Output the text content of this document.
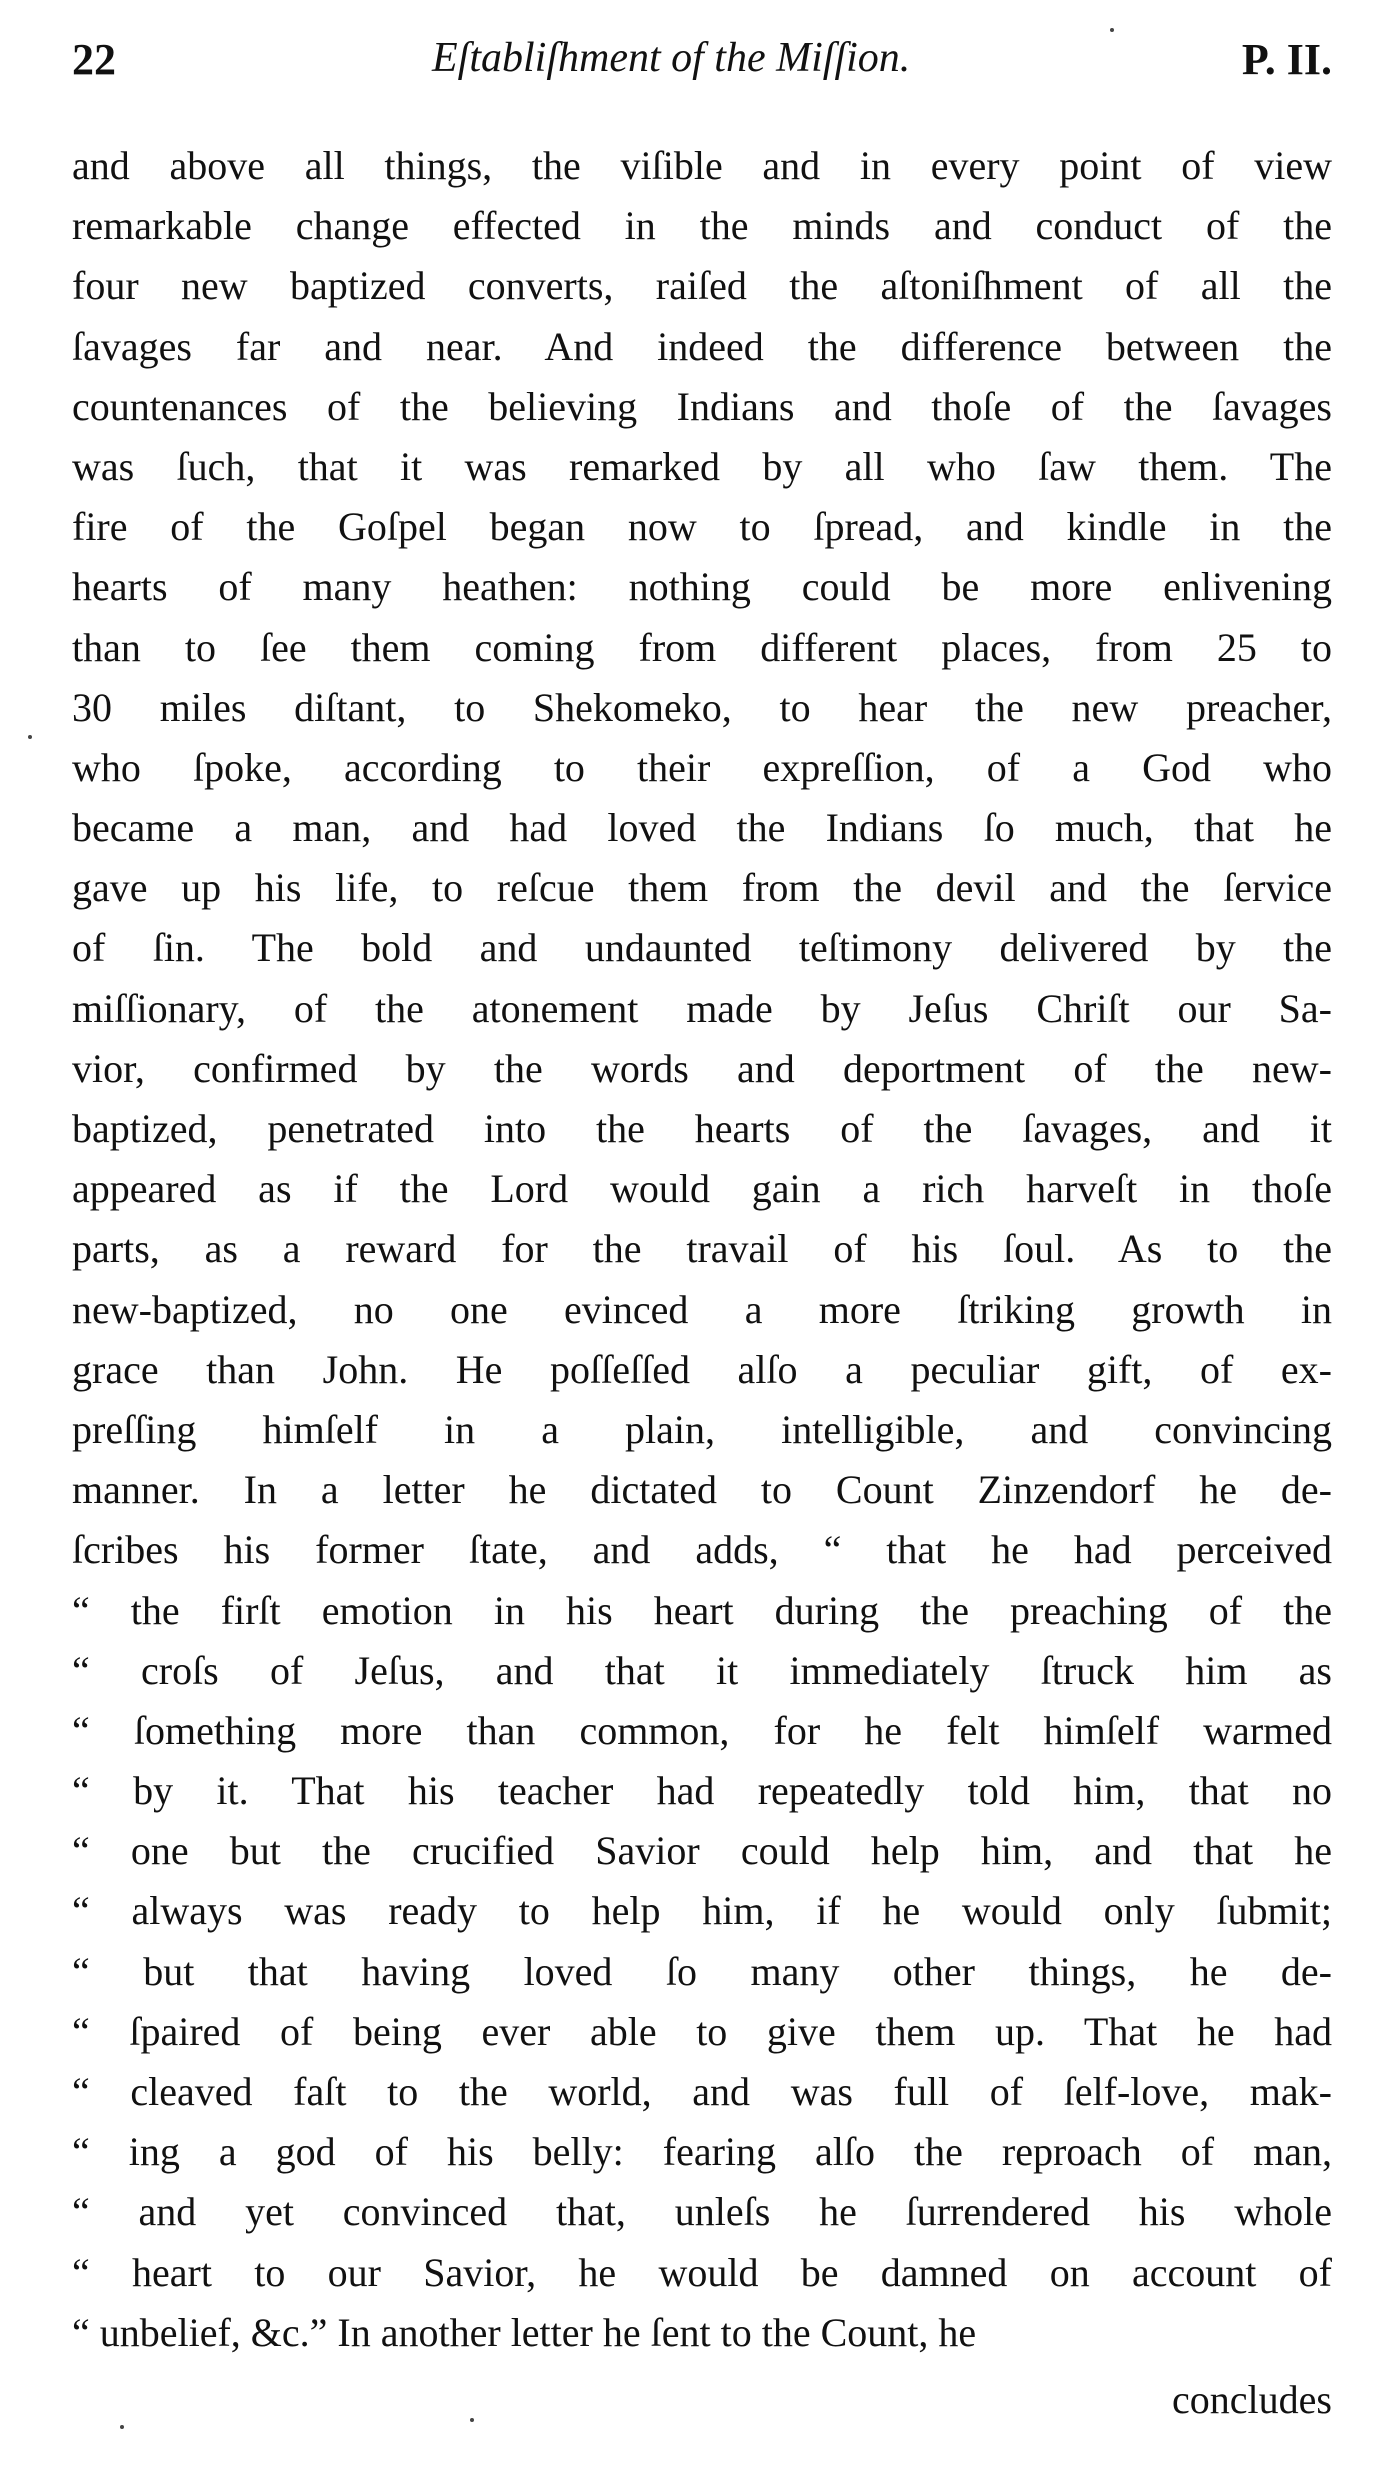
22	Eſtabliſhment of the Miſſion.	P. II.
and above all things, the viſible and in every point of view
remarkable change effected in the minds and conduct of the
four new baptized converts, raiſed the aſtoniſhment of all the
ſavages far and near. And indeed the difference between the
countenances of the believing Indians and thoſe of the ſavages
was ſuch, that it was remarked by all who ſaw them. The
fire of the Goſpel began now to ſpread, and kindle in the
hearts of many heathen: nothing could be more enlivening
than to ſee them coming from different places, from 25 to
30 miles diſtant, to Shekomeko, to hear the new preacher,
who ſpoke, according to their expreſſion, of a God who
became a man, and had loved the Indians ſo much, that he
gave up his life, to reſcue them from the devil and the ſervice
of ſin. The bold and undaunted teſtimony delivered by the
miſſionary, of the atonement made by Jeſus Chriſt our Sa-
vior, confirmed by the words and deportment of the new-
baptized, penetrated into the hearts of the ſavages, and it
appeared as if the Lord would gain a rich harveſt in thoſe
parts, as a reward for the travail of his ſoul. As to the
new-baptized, no one evinced a more ſtriking growth in
grace than John. He poſſeſſed alſo a peculiar gift, of ex-
preſſing himſelf in a plain, intelligible, and convincing
manner. In a letter he dictated to Count Zinzendorf he de-
ſcribes his former ſtate, and adds, “ that he had perceived
“ the firſt emotion in his heart during the preaching of the
“ croſs of Jeſus, and that it immediately ſtruck him as
“ ſomething more than common, for he felt himſelf warmed
“ by it. That his teacher had repeatedly told him, that no
“ one but the crucified Savior could help him, and that he
“ always was ready to help him, if he would only ſubmit;
“ but that having loved ſo many other things, he de-
“ ſpaired of being ever able to give them up. That he had
“ cleaved faſt to the world, and was full of ſelf-love, mak-
“ ing a god of his belly: fearing alſo the reproach of man,
“ and yet convinced that, unleſs he ſurrendered his whole
“ heart to our Savior, he would be damned on account of
“ unbelief, &c.” In another letter he ſent to the Count, he
concludes
